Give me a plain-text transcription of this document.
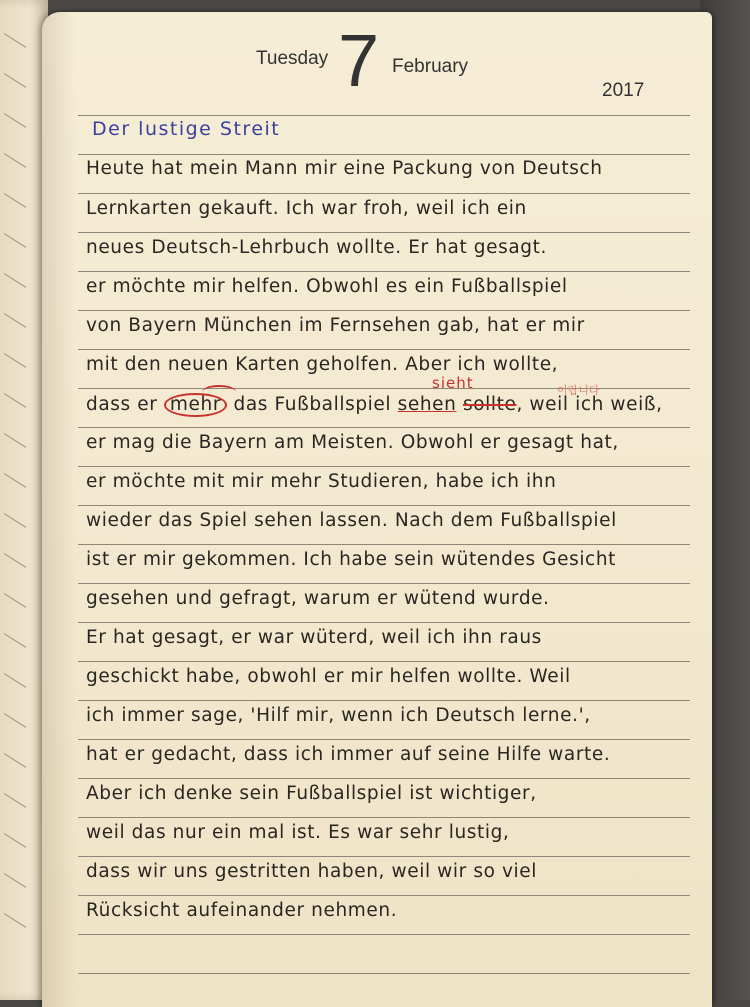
Tuesday 7 February
2017
Der lustige Streit
Heute hat mein Mann mir eine Packung von Deutsch
Lernkarten gekauft. Ich war froh, weil ich ein
neues Deutsch-Lehrbuch wollte. Er hat gesagt.
er möchte mir helfen. Obwohl es ein Fußballspiel
von Bayern München im Fernsehen gab, hat er mir
mit den neuen Karten geholfen. Aber ich wollte,
dass er mehr das Fußballspiel sehen sollte, weil ich weiß,
sieht	이랍니다
er mag die Bayern am Meisten. Obwohl er gesagt hat,
er möchte mit mir mehr Studieren, habe ich ihn
wieder das Spiel sehen lassen. Nach dem Fußballspiel
ist er mir gekommen. Ich habe sein wütendes Gesicht
gesehen und gefragt, warum er wütend wurde.
Er hat gesagt, er war wüterd, weil ich ihn raus
geschickt habe, obwohl er mir helfen wollte. Weil
ich immer sage, 'Hilf mir, wenn ich Deutsch lerne.',
hat er gedacht, dass ich immer auf seine Hilfe warte.
Aber ich denke sein Fußballspiel ist wichtiger,
weil das nur ein mal ist. Es war sehr lustig,
dass wir uns gestritten haben, weil wir so viel
Rücksicht aufeinander nehmen.
